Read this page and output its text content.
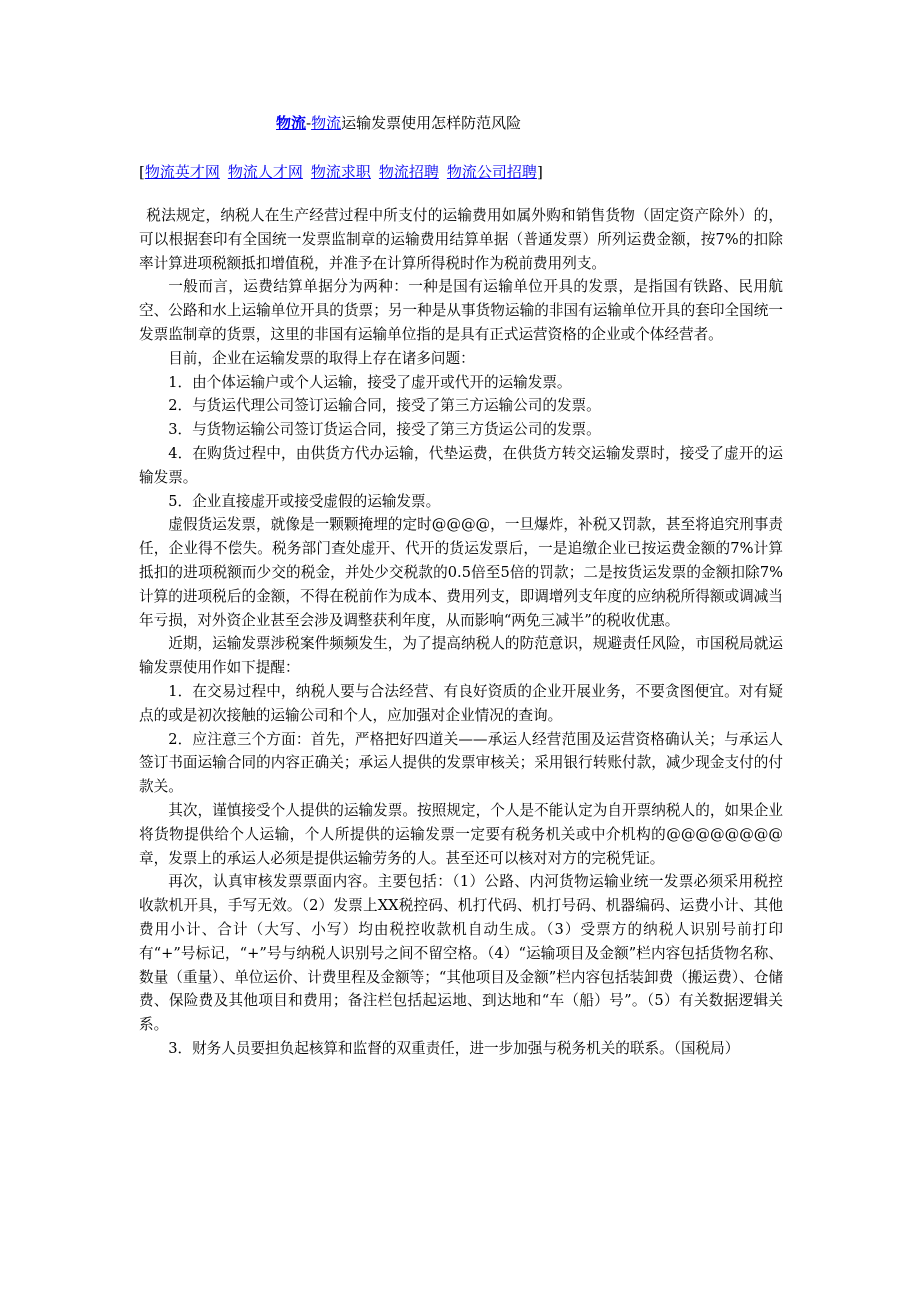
物流-物流运输发票使用怎样防范风险
[物流英才网 物流人才网 物流求职 物流招聘 物流公司招聘]

税法规定，纳税人在生产经营过程中所支付的运输费用如属外购和销售货物（固定资产除外）的，可以根据套印有全国统一发票监制章的运输费用结算单据（普通发票）所列运费金额，按7%的扣除率计算进项税额抵扣增值税，并准予在计算所得税时作为税前费用列支。

一般而言，运费结算单据分为两种：一种是国有运输单位开具的发票，是指国有铁路、民用航空、公路和水上运输单位开具的货票；另一种是从事货物运输的非国有运输单位开具的套印全国统一发票监制章的货票，这里的非国有运输单位指的是具有正式运营资格的企业或个体经营者。

目前，企业在运输发票的取得上存在诸多问题：

1．由个体运输户或个人运输，接受了虚开或代开的运输发票。

2．与货运代理公司签订运输合同，接受了第三方运输公司的发票。

3．与货物运输公司签订货运合同，接受了第三方货运公司的发票。

4．在购货过程中，由供货方代办运输，代垫运费，在供货方转交运输发票时，接受了虚开的运输发票。

5．企业直接虚开或接受虚假的运输发票。

虚假货运发票，就像是一颗颗掩埋的定时@@@@，一旦爆炸，补税又罚款，甚至将追究刑事责任，企业得不偿失。税务部门查处虚开、代开的货运发票后，一是追缴企业已按运费金额的7%计算抵扣的进项税额而少交的税金，并处少交税款的0.5倍至5倍的罚款；二是按货运发票的金额扣除7%计算的进项税后的金额，不得在税前作为成本、费用列支，即调增列支年度的应纳税所得额或调减当年亏损，对外资企业甚至会涉及调整获利年度，从而影响“两免三减半”的税收优惠。

近期，运输发票涉税案件频频发生，为了提高纳税人的防范意识，规避责任风险，市国税局就运输发票使用作如下提醒：

1．在交易过程中，纳税人要与合法经营、有良好资质的企业开展业务，不要贪图便宜。对有疑点的或是初次接触的运输公司和个人，应加强对企业情况的查询。

2．应注意三个方面：首先，严格把好四道关——承运人经营范围及运营资格确认关；与承运人签订书面运输合同的内容正确关；承运人提供的发票审核关；采用银行转账付款，减少现金支付的付款关。

其次，谨慎接受个人提供的运输发票。按照规定，个人是不能认定为自开票纳税人的，如果企业将货物提供给个人运输，个人所提供的运输发票一定要有税务机关或中介机构的@@@@@@@@章，发票上的承运人必须是提供运输劳务的人。甚至还可以核对对方的完税凭证。

再次，认真审核发票票面内容。主要包括：（1）公路、内河货物运输业统一发票必须采用税控收款机开具，手写无效。（2）发票上XX税控码、机打代码、机打号码、机器编码、运费小计、其他费用小计、合计（大写、小写）均由税控收款机自动生成。（3）受票方的纳税人识别号前打印有“+”号标记，“+”号与纳税人识别号之间不留空格。（4）“运输项目及金额”栏内容包括货物名称、数量（重量）、单位运价、计费里程及金额等；“其他项目及金额”栏内容包括装卸费（搬运费）、仓储费、保险费及其他项目和费用；备注栏包括起运地、到达地和“车（船）号”。（5）有关数据逻辑关系。

3．财务人员要担负起核算和监督的双重责任，进一步加强与税务机关的联系。（国税局）
